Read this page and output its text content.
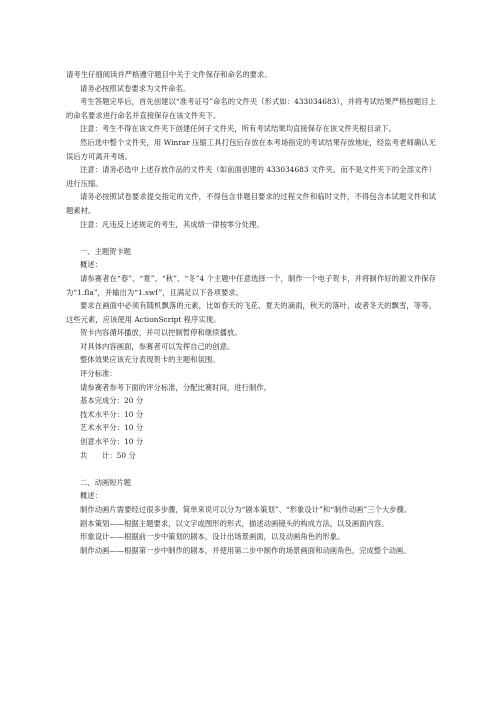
请考生仔细阅读并严格遵守题目中关于文件保存和命名的要求。

请务必按照试卷要求为文件命名。

考生答题完毕后，首先创建以“准考证号”命名的文件夹（形式如：433034683），并将考试结果严格按题目上的命名要求进行命名并直接保存在该文件夹下。

注意：考生不得在该文件夹下创建任何子文件夹，所有考试结果均直接保存在该文件夹根目录下。

然后选中整个文件夹，用 Winrar 压缩工具打包后存放在本考场指定的考试结果存放地址，经监考老师确认无误后方可离开考场。

注意：请务必选中上述存放作品的文件夹（如前面创建的 433034683 文件夹，而不是文件夹下的全部文件）进行压缩。

请务必按照试卷要求提交指定的文件，不得包含非题目要求的过程文件和临时文件，不得包含本试题文件和试题素材。

注意：凡违反上述规定的考生，其成绩一律按零分处理。

一、主题贺卡题

概述：

请参赛者在“春”、“夏”、“秋”、“冬”4 个主题中任意选择一个，制作一个电子贺卡，并将制作好的源文件保存为“1.fla”，并输出为“1.swf”，且满足以下各项要求。

要求在画面中必须有随机飘落的元素，比如春天的飞花、夏天的滴雨，秋天的落叶，或者冬天的飘雪，等等。这些元素，应该使用 ActionScript 程序实现。

贺卡内容循环播放，并可以控制暂停和继续播放。

对具体内容画面，参赛者可以发挥自己的创意。

整体效果应该充分表现贺卡的主题和氛围。

评分标准：

请参赛者参考下面的评分标准，分配比赛时间，进行制作。

基本完成分：20 分

技术水平分：10 分

艺术水平分：10 分

创意水平分：10 分

共　　计：50 分

二、动画短片题

概述：

制作动画片需要经过很多步骤，简单来说可以分为“剧本策划”、“形象设计”和“制作动画”三个大步骤。

剧本策划——根据主题要求，以文字或图形的形式，描述动画镜头的构成方法，以及画面内容。

形象设计——根据前一步中策划的剧本，设计出场景画面，以及动画角色的形象。

制作动画——根据第一步中制作的剧本，并使用第二步中制作的场景画面和动画角色，完成整个动画。
